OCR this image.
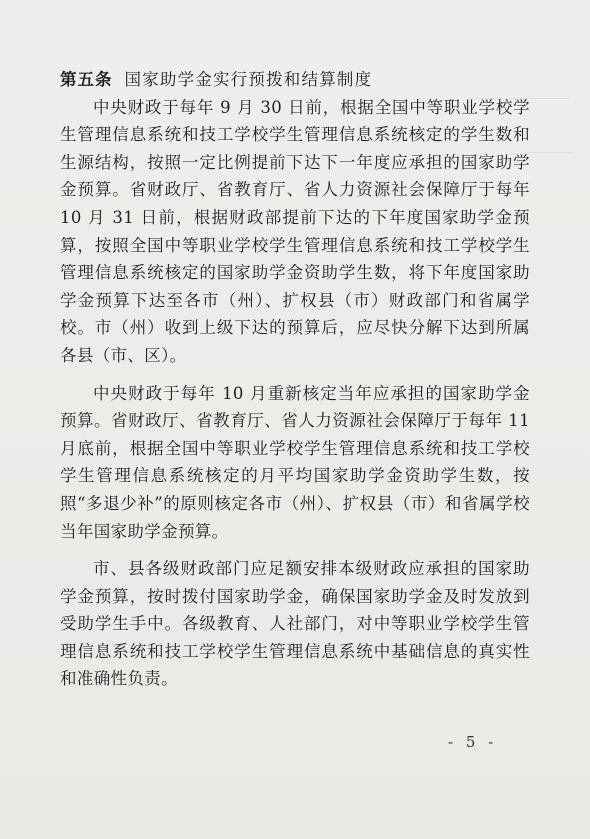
第五条 国家助学金实行预拨和结算制度

中央财政于每年 9 月 30 日前，根据全国中等职业学校学生管理信息系统和技工学校学生管理信息系统核定的学生数和生源结构，按照一定比例提前下达下一年度应承担的国家助学金预算。省财政厅、省教育厅、省人力资源社会保障厅于每年 10 月 31 日前，根据财政部提前下达的下年度国家助学金预算，按照全国中等职业学校学生管理信息系统和技工学校学生管理信息系统核定的国家助学金资助学生数，将下年度国家助学金预算下达至各市（州）、扩权县（市）财政部门和省属学校。市（州）收到上级下达的预算后，应尽快分解下达到所属各县（市、区）。

中央财政于每年 10 月重新核定当年应承担的国家助学金预算。省财政厅、省教育厅、省人力资源社会保障厅于每年 11 月底前，根据全国中等职业学校学生管理信息系统和技工学校学生管理信息系统核定的月平均国家助学金资助学生数，按照“多退少补”的原则核定各市（州）、扩权县（市）和省属学校当年国家助学金预算。

市、县各级财政部门应足额安排本级财政应承担的国家助学金预算，按时拨付国家助学金，确保国家助学金及时发放到受助学生手中。各级教育、人社部门，对中等职业学校学生管理信息系统和技工学校学生管理信息系统中基础信息的真实性和准确性负责。

- 5 -
